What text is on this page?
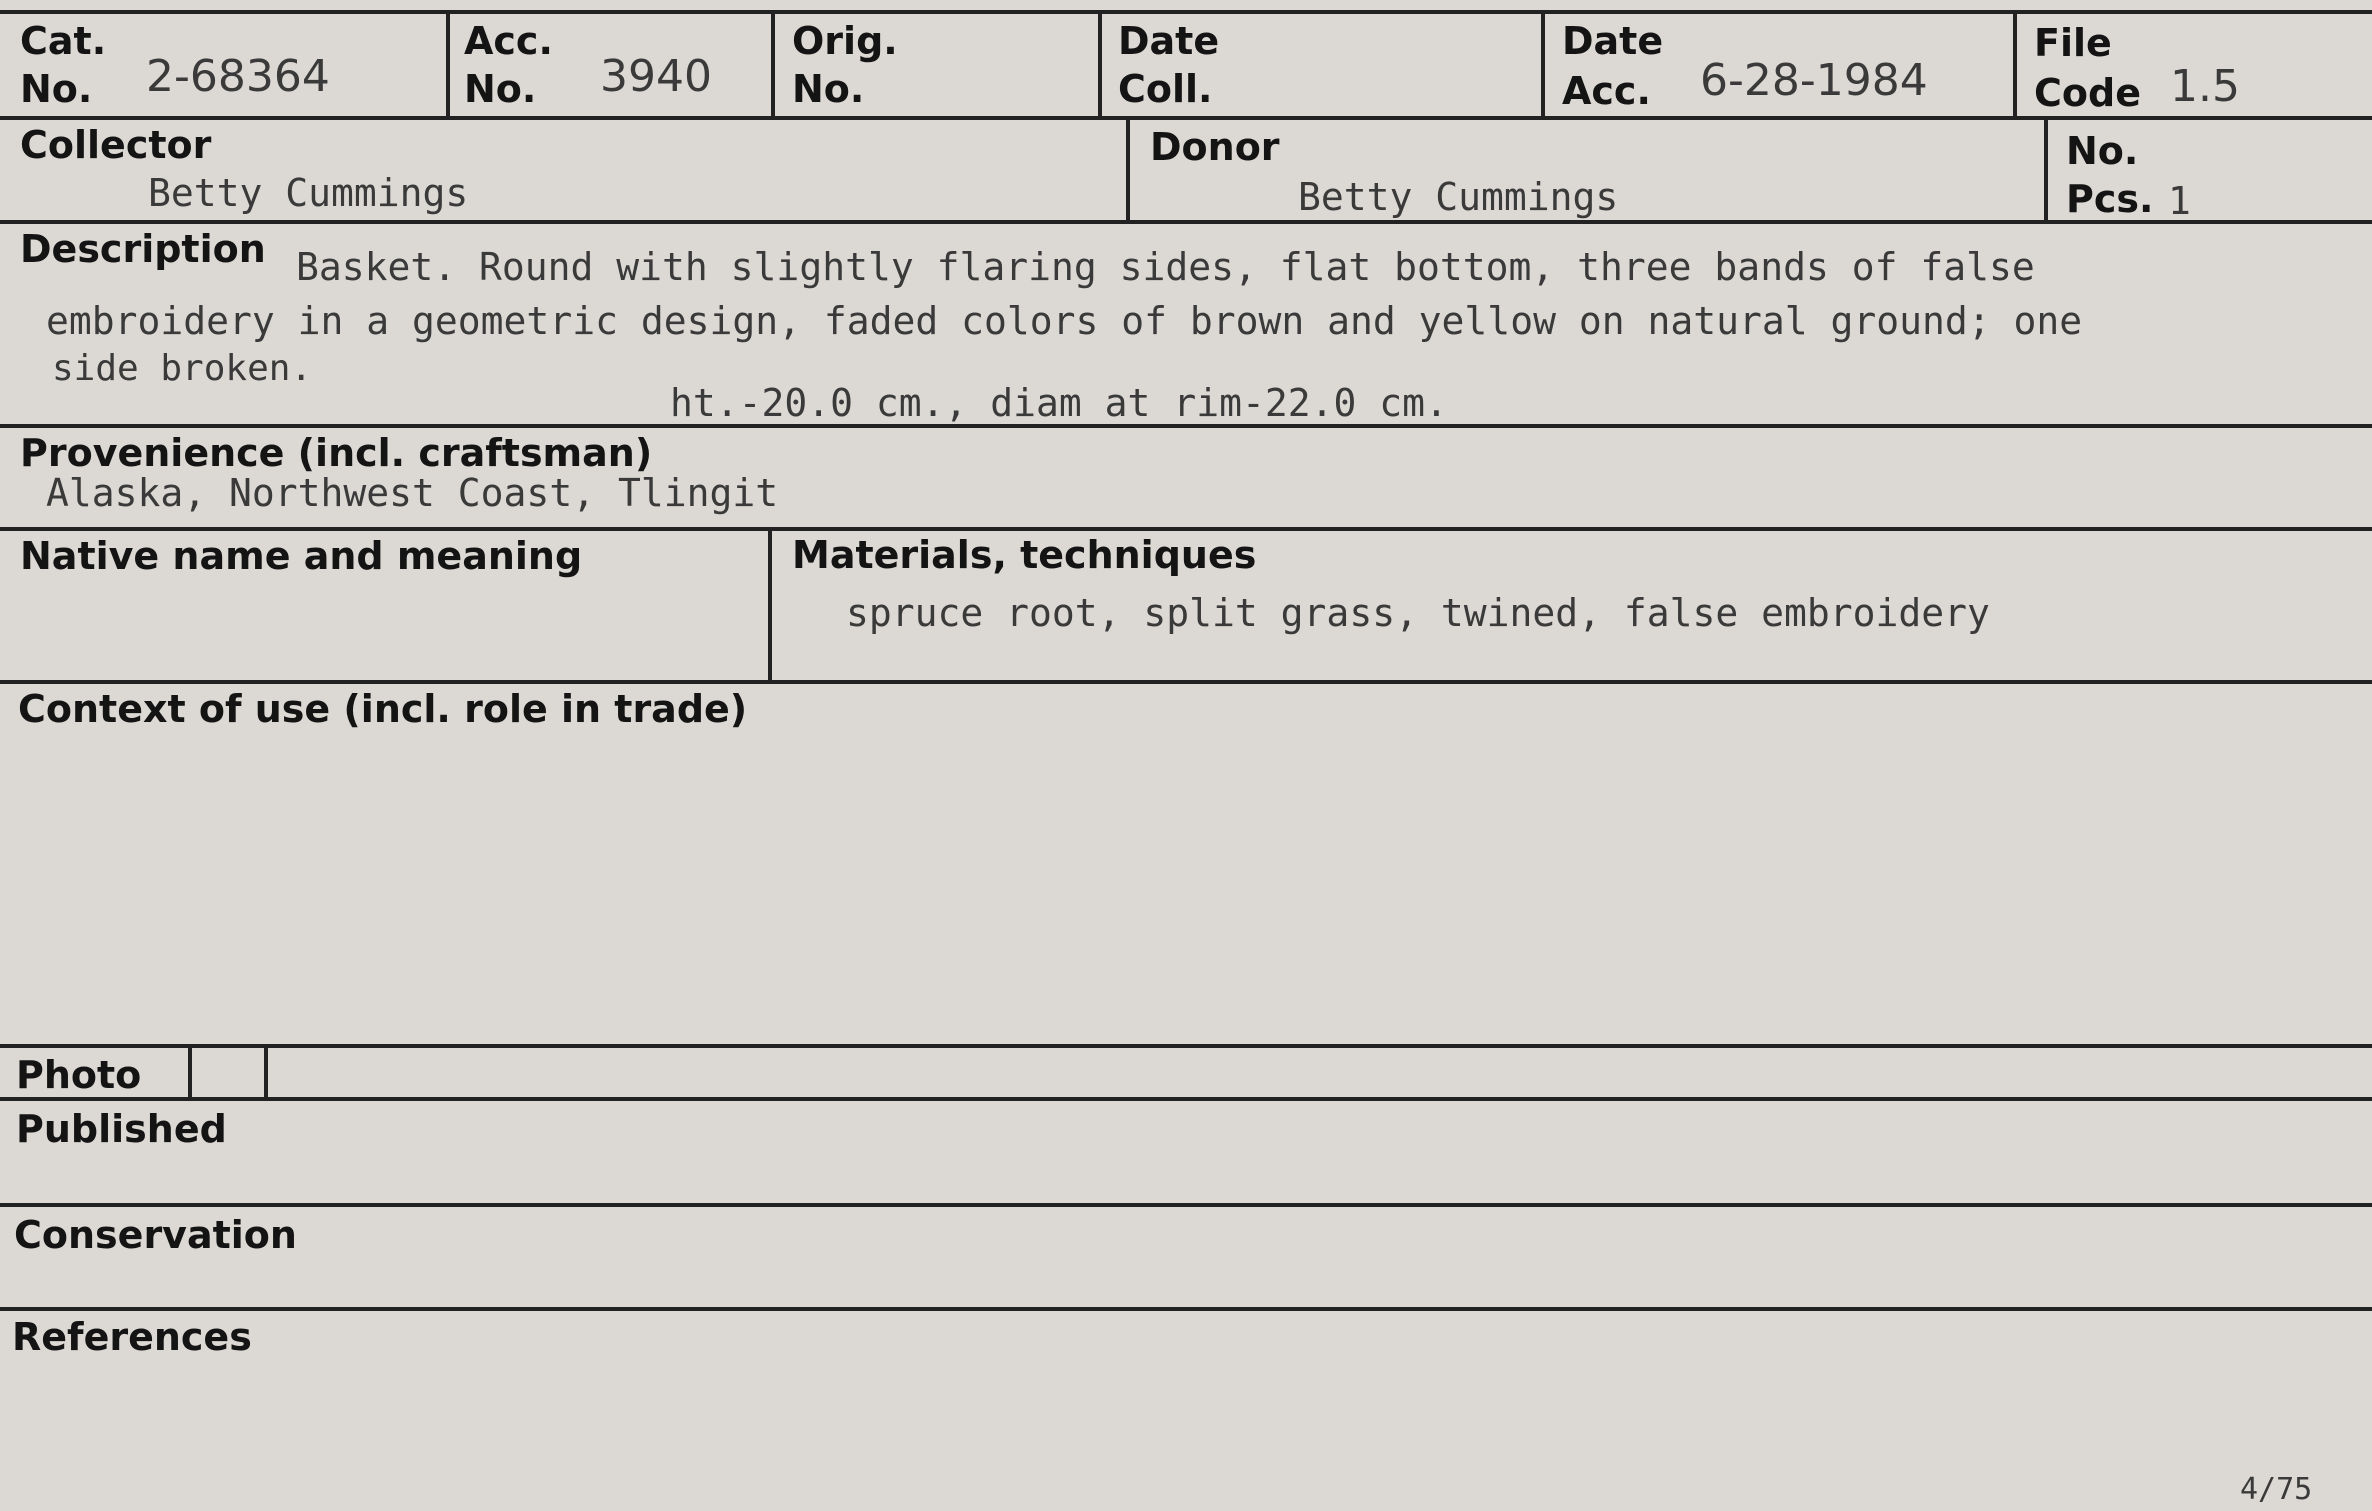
Cat.
No. 2-68364
Acc.
No. 3940
Orig.
No.
Date
Coll.
Date
Acc. 6-28-1984
File
Code 1.5
Collector
Betty Cummings
Donor
Betty Cummings
No.
Pcs. 1
Description Basket. Round with slightly flaring sides, flat bottom, three bands of false
embroidery in a geometric design, faded colors of brown and yellow on natural ground; one
side broken.
ht.-20.0 cm., diam at rim-22.0 cm.
Provenience (incl. craftsman)
Alaska, Northwest Coast, Tlingit
Native name and meaning	Materials, techniques
spruce root, split grass, twined, false embroidery
Context of use (incl. role in trade)
Photo
Published
Conservation
References
4/75
